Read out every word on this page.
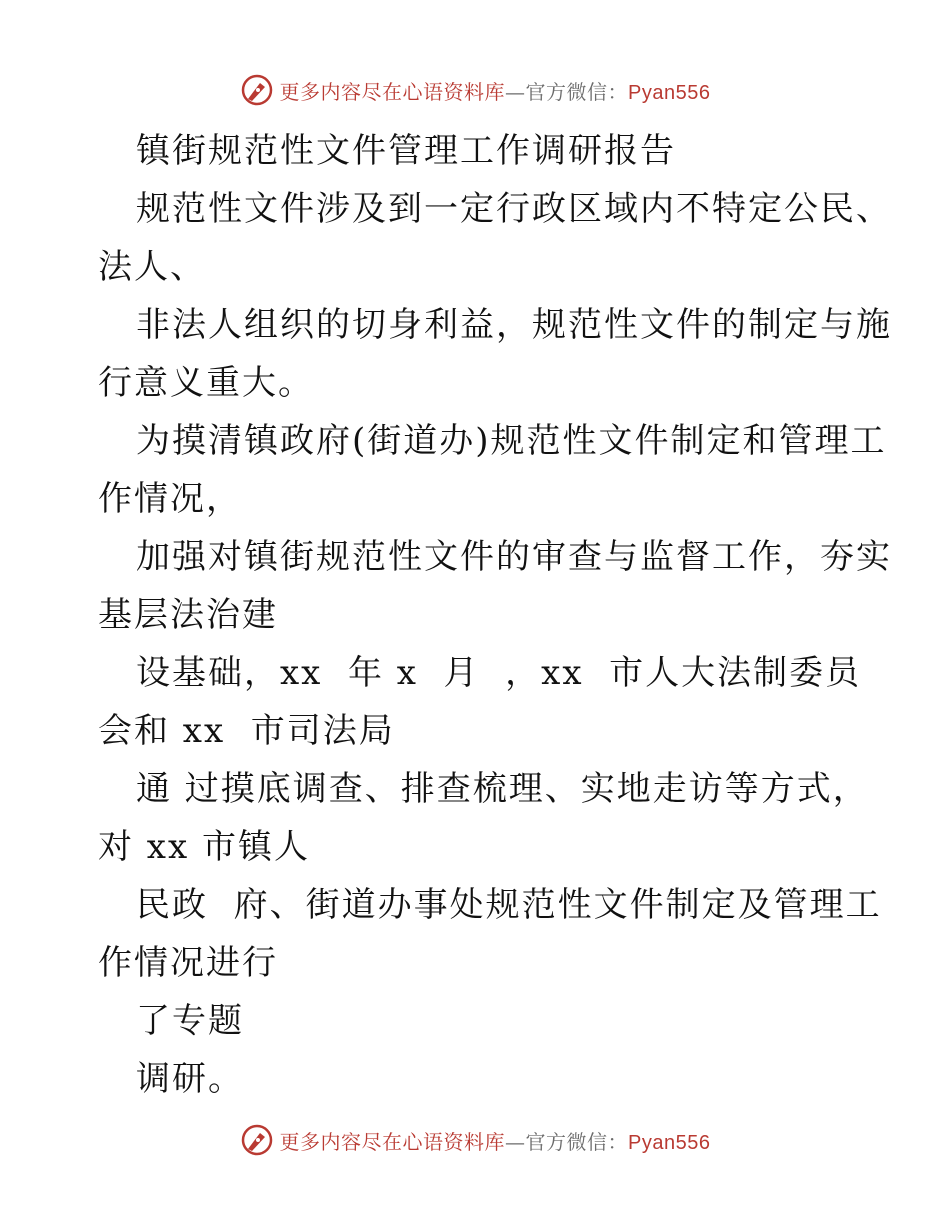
更多内容尽在心语资料库—官方微信：Pyan556
镇街规范性文件管理工作调研报告
规范性文件涉及到一定行政区域内不特定公民、
法人、
非法人组织的切身利益，规范性文件的制定与施
行意义重大。
为摸清镇政府(街道办)规范性文件制定和管理工
作情况，
加强对镇街规范性文件的审查与监督工作，夯实
基层法治建
设基础，xx  年 x  月  ，xx  市人大法制委员
会和 xx  市司法局
通 过摸底调查、排查梳理、实地走访等方式，
对 xx 市镇人
民政  府、街道办事处规范性文件制定及管理工
作情况进行
了专题
调研。
更多内容尽在心语资料库—官方微信：Pyan556
